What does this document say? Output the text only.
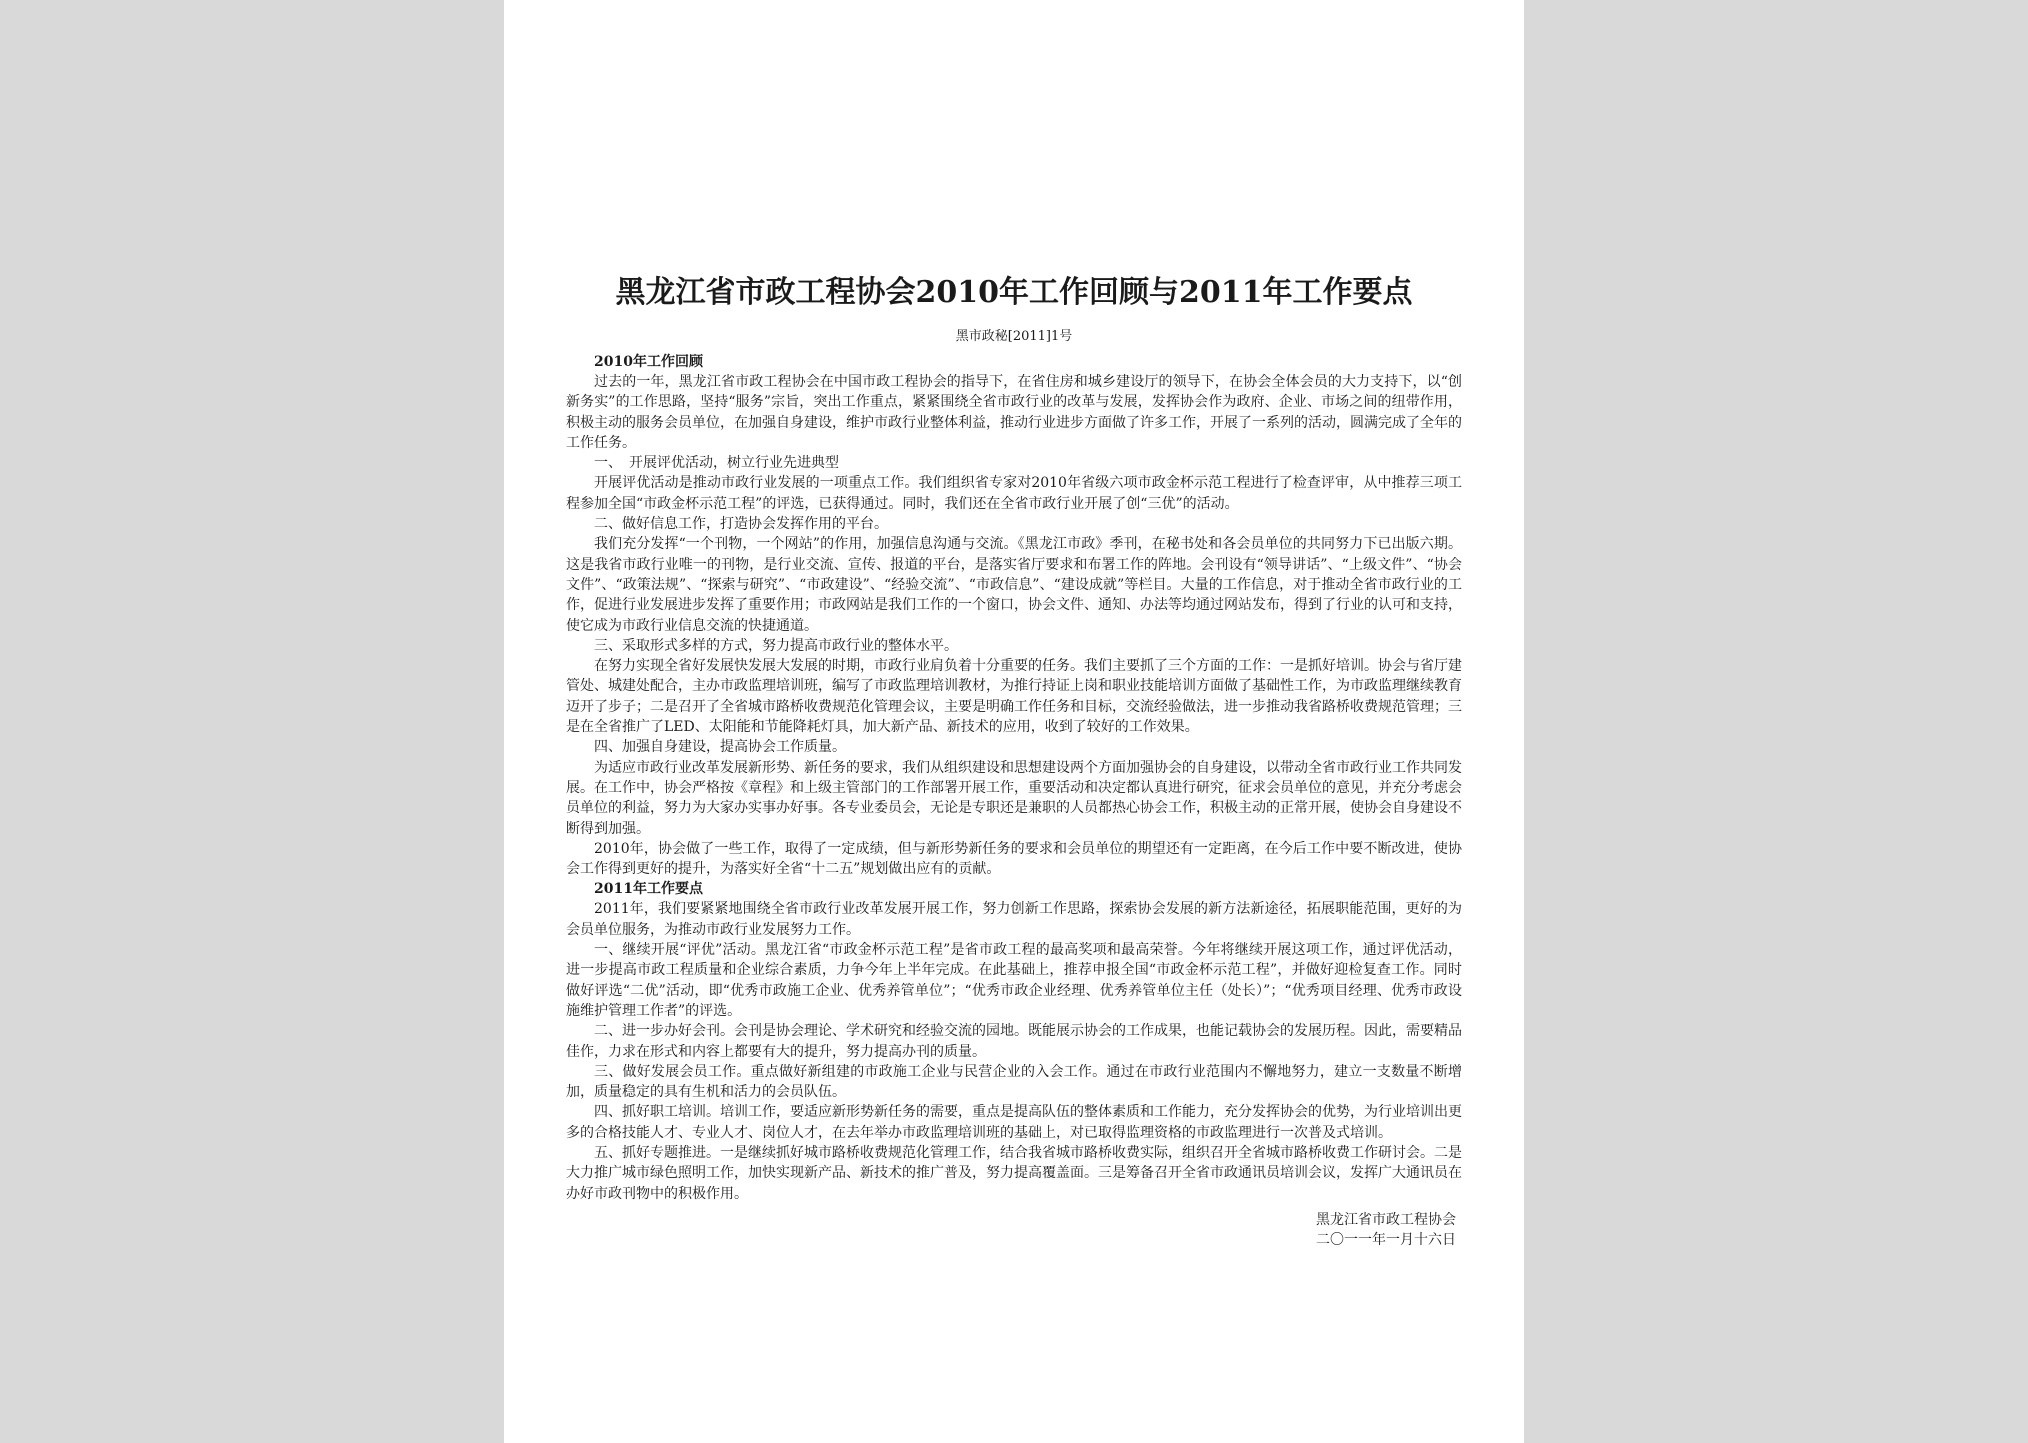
黑龙江省市政工程协会2010年工作回顾与2011年工作要点
黑市政秘[2011]1号

2010年工作回顾

过去的一年，黑龙江省市政工程协会在中国市政工程协会的指导下，在省住房和城乡建设厅的领导下，在协会全体会员的大力支持下，以“创新务实”的工作思路，坚持“服务”宗旨，突出工作重点，紧紧围绕全省市政行业的改革与发展，发挥协会作为政府、企业、市场之间的纽带作用，积极主动的服务会员单位，在加强自身建设，维护市政行业整体利益，推动行业进步方面做了许多工作，开展了一系列的活动，圆满完成了全年的工作任务。

一、　开展评优活动，树立行业先进典型

开展评优活动是推动市政行业发展的一项重点工作。我们组织省专家对2010年省级六项市政金杯示范工程进行了检查评审，从中推荐三项工程参加全国“市政金杯示范工程”的评选，已获得通过。同时，我们还在全省市政行业开展了创“三优”的活动。

二、做好信息工作，打造协会发挥作用的平台。

我们充分发挥“一个刊物，一个网站”的作用，加强信息沟通与交流。《黑龙江市政》季刊，在秘书处和各会员单位的共同努力下已出版六期。这是我省市政行业唯一的刊物，是行业交流、宣传、报道的平台，是落实省厅要求和布署工作的阵地。会刊设有“领导讲话”、“上级文件”、“协会文件”、“政策法规”、“探索与研究”、“市政建设”、“经验交流”、“市政信息”、“建设成就”等栏目。大量的工作信息，对于推动全省市政行业的工作，促进行业发展进步发挥了重要作用；市政网站是我们工作的一个窗口，协会文件、通知、办法等均通过网站发布，得到了行业的认可和支持，使它成为市政行业信息交流的快捷通道。

三、采取形式多样的方式，努力提高市政行业的整体水平。

在努力实现全省好发展快发展大发展的时期，市政行业肩负着十分重要的任务。我们主要抓了三个方面的工作：一是抓好培训。协会与省厅建管处、城建处配合，主办市政监理培训班，编写了市政监理培训教材，为推行持证上岗和职业技能培训方面做了基础性工作，为市政监理继续教育迈开了步子；二是召开了全省城市路桥收费规范化管理会议，主要是明确工作任务和目标，交流经验做法，进一步推动我省路桥收费规范管理；三是在全省推广了LED、太阳能和节能降耗灯具，加大新产品、新技术的应用，收到了较好的工作效果。

四、加强自身建设，提高协会工作质量。

为适应市政行业改革发展新形势、新任务的要求，我们从组织建设和思想建设两个方面加强协会的自身建设，以带动全省市政行业工作共同发展。在工作中，协会严格按《章程》和上级主管部门的工作部署开展工作，重要活动和决定都认真进行研究，征求会员单位的意见，并充分考虑会员单位的利益，努力为大家办实事办好事。各专业委员会，无论是专职还是兼职的人员都热心协会工作，积极主动的正常开展，使协会自身建设不断得到加强。

2010年，协会做了一些工作，取得了一定成绩，但与新形势新任务的要求和会员单位的期望还有一定距离，在今后工作中要不断改进，使协会工作得到更好的提升，为落实好全省“十二五”规划做出应有的贡献。

2011年工作要点

2011年，我们要紧紧地围绕全省市政行业改革发展开展工作，努力创新工作思路，探索协会发展的新方法新途径，拓展职能范围，更好的为会员单位服务，为推动市政行业发展努力工作。

一、继续开展“评优”活动。黑龙江省“市政金杯示范工程”是省市政工程的最高奖项和最高荣誉。今年将继续开展这项工作，通过评优活动，进一步提高市政工程质量和企业综合素质，力争今年上半年完成。在此基础上，推荐申报全国“市政金杯示范工程”，并做好迎检复查工作。同时做好评选“二优”活动，即“优秀市政施工企业、优秀养管单位”；“优秀市政企业经理、优秀养管单位主任（处长）”；“优秀项目经理、优秀市政设施维护管理工作者”的评选。

二、进一步办好会刊。会刊是协会理论、学术研究和经验交流的园地。既能展示协会的工作成果，也能记载协会的发展历程。因此，需要精品佳作，力求在形式和内容上都要有大的提升，努力提高办刊的质量。

三、做好发展会员工作。重点做好新组建的市政施工企业与民营企业的入会工作。通过在市政行业范围内不懈地努力，建立一支数量不断增加，质量稳定的具有生机和活力的会员队伍。

四、抓好职工培训。培训工作，要适应新形势新任务的需要，重点是提高队伍的整体素质和工作能力，充分发挥协会的优势，为行业培训出更多的合格技能人才、专业人才、岗位人才，在去年举办市政监理培训班的基础上，对已取得监理资格的市政监理进行一次普及式培训。

五、抓好专题推进。一是继续抓好城市路桥收费规范化管理工作，结合我省城市路桥收费实际，组织召开全省城市路桥收费工作研讨会。二是大力推广城市绿色照明工作，加快实现新产品、新技术的推广普及，努力提高覆盖面。三是筹备召开全省市政通讯员培训会议，发挥广大通讯员在办好市政刊物中的积极作用。

黑龙江省市政工程协会
二〇一一年一月十六日
